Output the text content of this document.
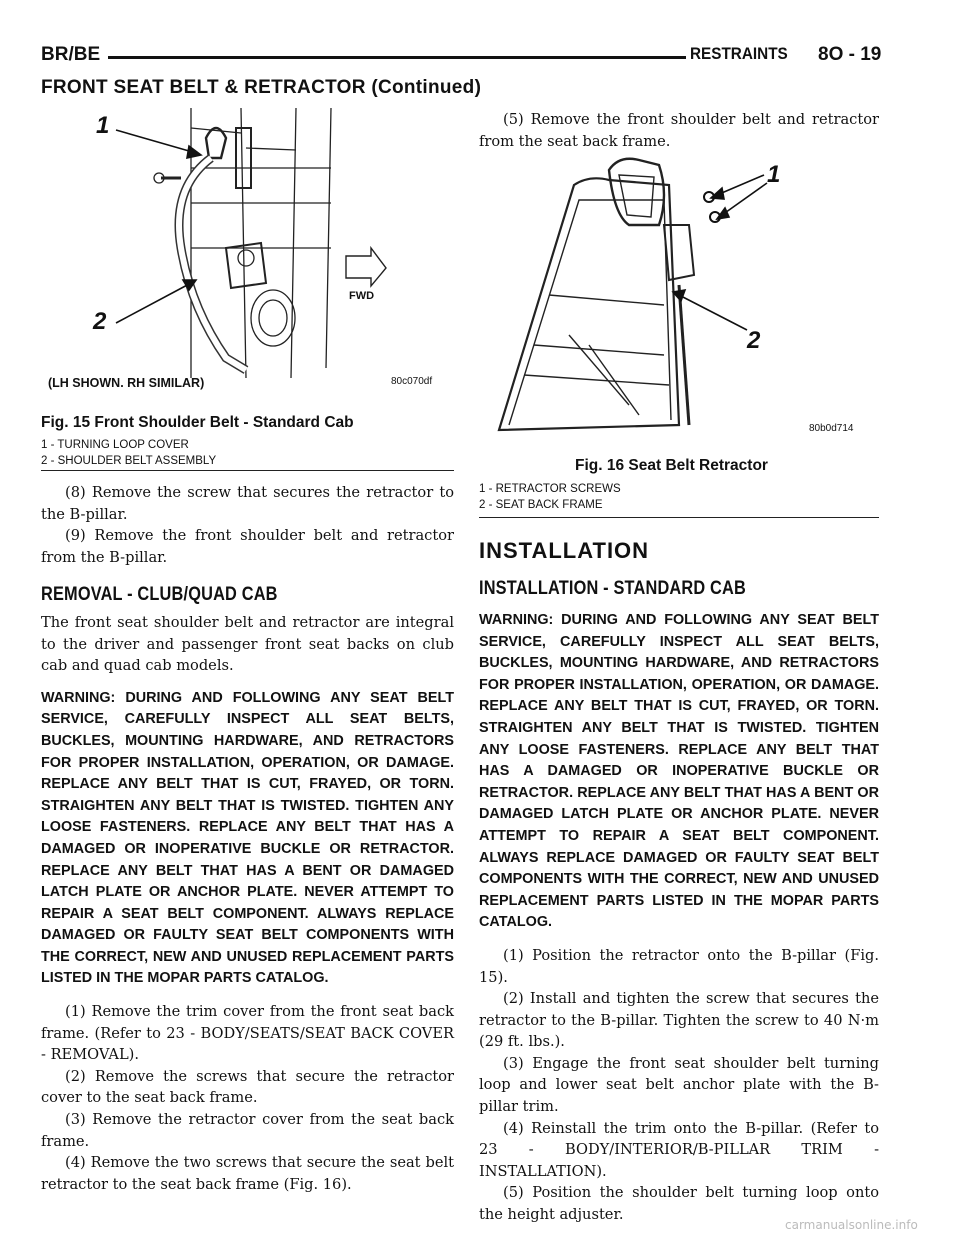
BR/BE	RESTRAINTS 8O - 19
FRONT SEAT BELT & RETRACTOR (Continued)
1
2
FWD
(LH SHOWN. RH SIMILAR)	80c070df
Fig. 15 Front Shoulder Belt - Standard Cab
1 - TURNING LOOP COVER
2 - SHOULDER BELT ASSEMBLY

(8) Remove the screw that secures the retractor to the B-pillar.

(9) Remove the front shoulder belt and retractor from the B-pillar.

REMOVAL - CLUB/QUAD CAB

The front seat shoulder belt and retractor are integral to the driver and passenger front seat backs on club cab and quad cab models.

WARNING: DURING AND FOLLOWING ANY SEAT BELT SERVICE, CAREFULLY INSPECT ALL SEAT BELTS, BUCKLES, MOUNTING HARDWARE, AND RETRACTORS FOR PROPER INSTALLATION, OPERATION, OR DAMAGE. REPLACE ANY BELT THAT IS CUT, FRAYED, OR TORN. STRAIGHTEN ANY BELT THAT IS TWISTED. TIGHTEN ANY LOOSE FASTENERS. REPLACE ANY BELT THAT HAS A DAMAGED OR INOPERATIVE BUCKLE OR RETRACTOR. REPLACE ANY BELT THAT HAS A BENT OR DAMAGED LATCH PLATE OR ANCHOR PLATE. NEVER ATTEMPT TO REPAIR A SEAT BELT COMPONENT. ALWAYS REPLACE DAMAGED OR FAULTY SEAT BELT COMPONENTS WITH THE CORRECT, NEW AND UNUSED REPLACEMENT PARTS LISTED IN THE MOPAR PARTS CATALOG.

(1) Remove the trim cover from the front seat back frame. (Refer to 23 - BODY/SEATS/SEAT BACK COVER - REMOVAL).

(2) Remove the screws that secure the retractor cover to the seat back frame.

(3) Remove the retractor cover from the seat back frame.

(4) Remove the two screws that secure the seat belt retractor to the seat back frame (Fig. 16).

(5) Remove the front shoulder belt and retractor from the seat back frame.
1
2
80b0d714
Fig. 16 Seat Belt Retractor
1 - RETRACTOR SCREWS
2 - SEAT BACK FRAME
INSTALLATION
INSTALLATION - STANDARD CAB

WARNING: DURING AND FOLLOWING ANY SEAT BELT SERVICE, CAREFULLY INSPECT ALL SEAT BELTS, BUCKLES, MOUNTING HARDWARE, AND RETRACTORS FOR PROPER INSTALLATION, OPERATION, OR DAMAGE. REPLACE ANY BELT THAT IS CUT, FRAYED, OR TORN. STRAIGHTEN ANY BELT THAT IS TWISTED. TIGHTEN ANY LOOSE FASTENERS. REPLACE ANY BELT THAT HAS A DAMAGED OR INOPERATIVE BUCKLE OR RETRACTOR. REPLACE ANY BELT THAT HAS A BENT OR DAMAGED LATCH PLATE OR ANCHOR PLATE. NEVER ATTEMPT TO REPAIR A SEAT BELT COMPONENT. ALWAYS REPLACE DAMAGED OR FAULTY SEAT BELT COMPONENTS WITH THE CORRECT, NEW AND UNUSED REPLACEMENT PARTS LISTED IN THE MOPAR PARTS CATALOG.

(1) Position the retractor onto the B-pillar (Fig. 15).

(2) Install and tighten the screw that secures the retractor to the B-pillar. Tighten the screw to 40 N·m (29 ft. lbs.).

(3) Engage the front seat shoulder belt turning loop and lower seat belt anchor plate with the B-pillar trim.

(4) Reinstall the trim onto the B-pillar. (Refer to 23 - BODY/INTERIOR/B-PILLAR TRIM - INSTALLATION).

(5) Position the shoulder belt turning loop onto the height adjuster.

carmanualsonline.info
